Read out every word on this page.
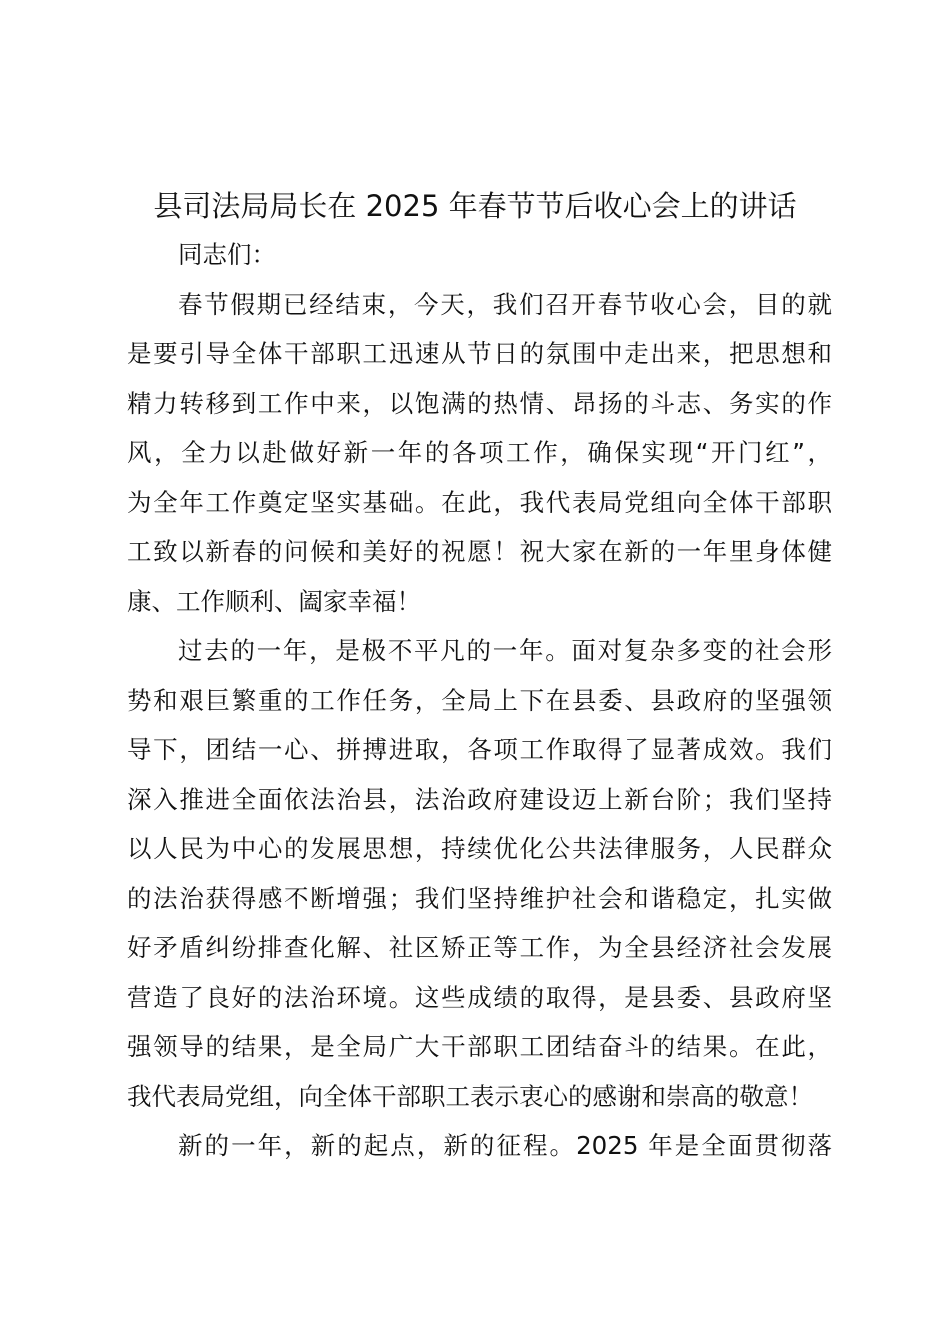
县司法局局长在 2025 年春节节后收心会上的讲话

同志们：

春节假期已经结束，今天，我们召开春节收心会，目的就
是要引导全体干部职工迅速从节日的氛围中走出来，把思想和
精力转移到工作中来，以饱满的热情、昂扬的斗志、务实的作
风，全力以赴做好新一年的各项工作，确保实现“开门红”，
为全年工作奠定坚实基础。在此，我代表局党组向全体干部职
工致以新春的问候和美好的祝愿！祝大家在新的一年里身体健
康、工作顺利、阖家幸福！

过去的一年，是极不平凡的一年。面对复杂多变的社会形
势和艰巨繁重的工作任务，全局上下在县委、县政府的坚强领
导下，团结一心、拼搏进取，各项工作取得了显著成效。我们
深入推进全面依法治县，法治政府建设迈上新台阶；我们坚持
以人民为中心的发展思想，持续优化公共法律服务，人民群众
的法治获得感不断增强；我们坚持维护社会和谐稳定，扎实做
好矛盾纠纷排查化解、社区矫正等工作，为全县经济社会发展
营造了良好的法治环境。这些成绩的取得，是县委、县政府坚
强领导的结果，是全局广大干部职工团结奋斗的结果。在此，
我代表局党组，向全体干部职工表示衷心的感谢和崇高的敬意！

新的一年，新的起点，新的征程。2025 年是全面贯彻落
